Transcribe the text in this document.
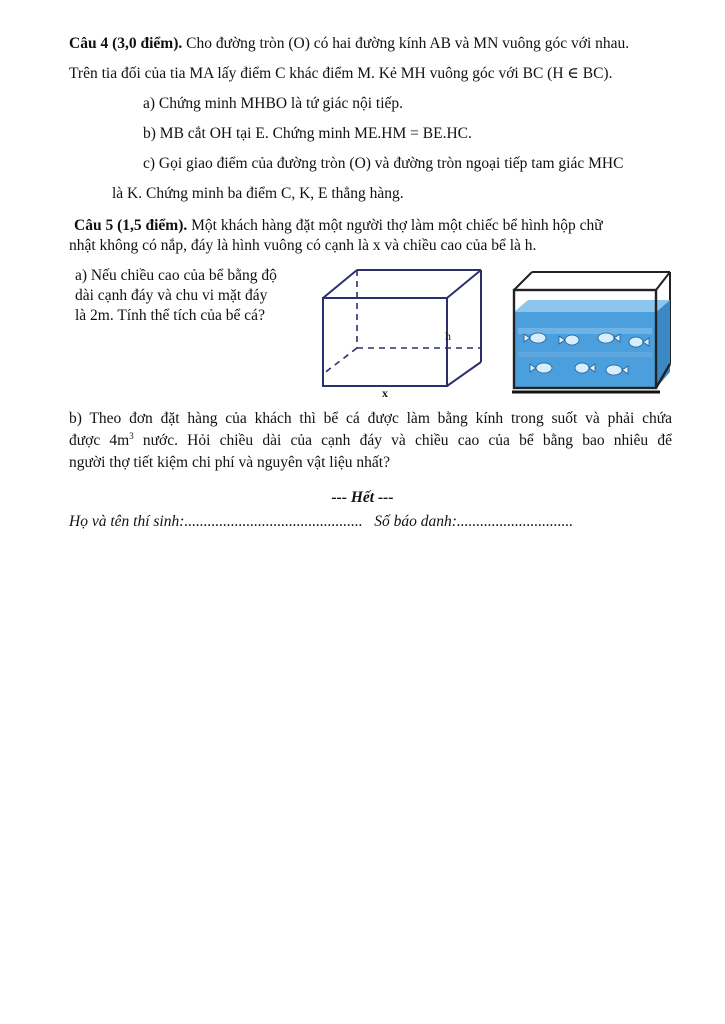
Câu 4 (3,0 điểm). Cho đường tròn (O) có hai đường kính AB và MN vuông góc với nhau.
Trên tia đối của tia MA lấy điểm C khác điểm M. Kẻ MH vuông góc với BC (H ∈ BC).
a) Chứng minh MHBO là tứ giác nội tiếp.
b) MB cắt OH tại E. Chứng minh ME.HM = BE.HC.
c) Gọi giao điểm của đường tròn (O) và đường tròn ngoại tiếp tam giác MHC
là K. Chứng minh ba điểm C, K, E thẳng hàng.
Câu 5 (1,5 điểm). Một khách hàng đặt một người thợ làm một chiếc bể hình hộp chữ
nhật không có nắp, đáy là hình vuông có cạnh là x và chiều cao của bể là h.
a) Nếu chiều cao của bể bằng độ
dài cạnh đáy và chu vi mặt đáy
là 2m. Tính thể tích của bể cá?
h
x
b) Theo đơn đặt hàng của khách thì bể cá được làm bằng kính trong suốt và phải chứa
được $4m^3$ nước. Hỏi chiều dài của cạnh đáy và chiều cao của bể bằng bao nhiêu để
người thợ tiết kiệm chi phí và nguyên vật liệu nhất?
--- Hết ---
Họ và tên thí sinh:.............................................. Số báo danh:..............................
